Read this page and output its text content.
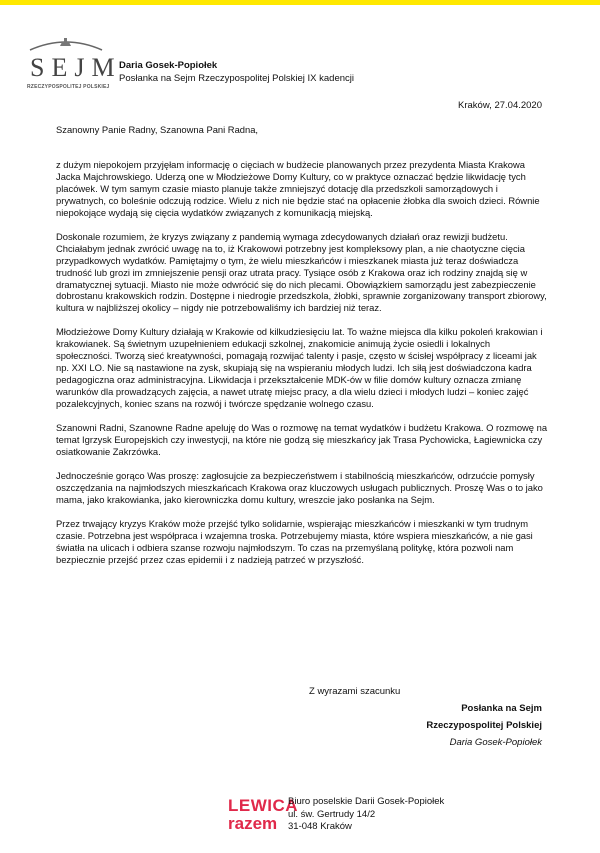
SEJM
RZECZYPOSPOLITEJ POLSKIEJ
Daria Gosek-Popiołek
Posłanka na Sejm Rzeczypospolitej Polskiej IX kadencji
Kraków, 27.04.2020

Szanowny Panie Radny, Szanowna Pani Radna,

z dużym niepokojem przyjęłam informację o cięciach w budżecie planowanych przez prezydenta Miasta Krakowa Jacka Majchrowskiego. Uderzą one w Młodzieżowe Domy Kultury, co w praktyce oznaczać będzie likwidację tych placówek. W tym samym czasie miasto planuje także zmniejszyć dotację dla przedszkoli samorządowych i prywatnych, co boleśnie odczują rodzice. Wielu z nich nie będzie stać na opłacenie żłobka dla swoich dzieci. Równie niepokojące wydają się cięcia wydatków związanych z komunikacją miejską.

Doskonale rozumiem, że kryzys związany z pandemią wymaga zdecydowanych działań oraz rewizji budżetu. Chciałabym jednak zwrócić uwagę na to, iż Krakowowi potrzebny jest kompleksowy plan, a nie chaotyczne cięcia przypadkowych wydatków. Pamiętajmy o tym, że wielu mieszkańców i mieszkanek miasta już teraz doświadcza trudność lub grozi im zmniejszenie pensji oraz utrata pracy. Tysiące osób z Krakowa oraz ich rodziny znajdą się w dramatycznej sytuacji. Miasto nie może odwrócić się do nich plecami. Obowiązkiem samorządu jest zabezpieczenie dobrostanu krakowskich rodzin. Dostępne i niedrogie przedszkola, żłobki, sprawnie zorganizowany transport zbiorowy, kultura w najbliższej okolicy – nigdy nie potrzebowaliśmy ich bardziej niż teraz.

Młodzieżowe Domy Kultury działają w Krakowie od kilkudziesięciu lat. To ważne miejsca dla kilku pokoleń krakowian i krakowianek. Są świetnym uzupełnieniem edukacji szkolnej, znakomicie animują życie osiedli i lokalnych społeczności. Tworzą sieć kreatywności, pomagają rozwijać talenty i pasje, często w ścisłej współpracy z liceami jak np. XXI LO. Nie są nastawione na zysk, skupiają się na wspieraniu młodych ludzi. Ich siłą jest doświadczona kadra pedagogiczna oraz administracyjna. Likwidacja i przekształcenie MDK-ów w filie domów kultury oznacza zmianę warunków dla prowadzących zajęcia, a nawet utratę miejsc pracy, a dla wielu dzieci i młodych ludzi – koniec zajęć pozalekcyjnych, koniec szans na rozwój i twórcze spędzanie wolnego czasu.

Szanowni Radni, Szanowne Radne apeluję do Was o rozmowę na temat wydatków i budżetu Krakowa. O rozmowę na temat Igrzysk Europejskich czy inwestycji, na które nie godzą się mieszkańcy jak Trasa Pychowicka, Łagiewnicka czy osiatkowanie Zakrzówka.

Jednocześnie gorąco Was proszę: zagłosujcie za bezpieczeństwem i stabilnością mieszkańców, odrzućcie pomysły oszczędzania na najmłodszych mieszkańcach Krakowa oraz kluczowych usługach publicznych. Proszę Was o to jako mama, jako krakowianka, jako kierowniczka domu kultury, wreszcie jako posłanka na Sejm.

Przez trwający kryzys Kraków może przejść tylko solidarnie, wspierając mieszkańców i mieszkanki w tym trudnym czasie. Potrzebna jest współpraca i wzajemna troska. Potrzebujemy miasta, które wspiera mieszkańców, a nie gasi światła na ulicach i odbiera szanse rozwoju najmłodszym. To czas na przemyślaną politykę, która pozwoli nam bezpiecznie przejść przez czas epidemii i z nadzieją patrzeć w przyszłość.

Z wyrazami szacunku
Posłanka na Sejm
Rzeczypospolitej Polskiej
Daria Gosek-Popiołek
LEWICA
razem
Biuro poselskie Darii Gosek-Popiołek
ul. św. Gertrudy 14/2
31-048 Kraków
